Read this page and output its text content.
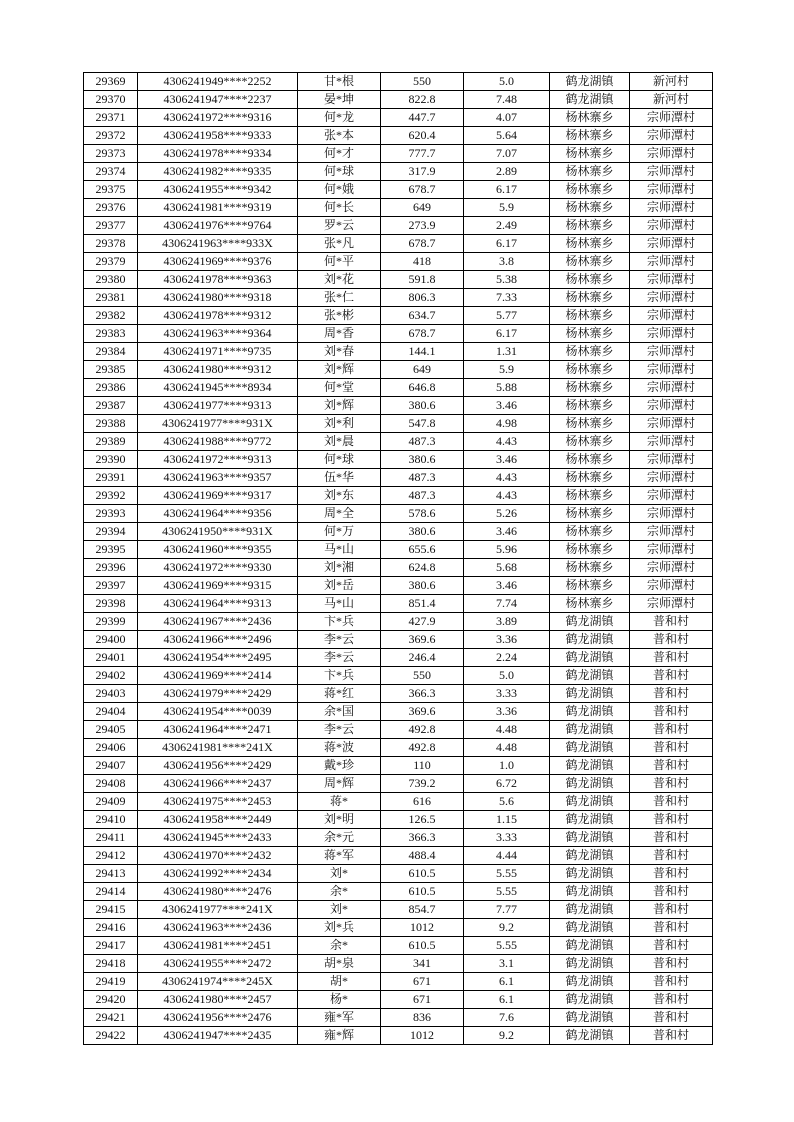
29369	4306241949****2252	甘*根	550	5.0	鹤龙湖镇	新河村
29370	4306241947****2237	晏*坤	822.8	7.48	鹤龙湖镇	新河村
29371	4306241972****9316	何*龙	447.7	4.07	杨林寨乡	宗师潭村
29372	4306241958****9333	张*本	620.4	5.64	杨林寨乡	宗师潭村
29373	4306241978****9334	何*才	777.7	7.07	杨林寨乡	宗师潭村
29374	4306241982****9335	何*球	317.9	2.89	杨林寨乡	宗师潭村
29375	4306241955****9342	何*娥	678.7	6.17	杨林寨乡	宗师潭村
29376	4306241981****9319	何*长	649	5.9	杨林寨乡	宗师潭村
29377	4306241976****9764	罗*云	273.9	2.49	杨林寨乡	宗师潭村
29378	4306241963****933X	张*凡	678.7	6.17	杨林寨乡	宗师潭村
29379	4306241969****9376	何*平	418	3.8	杨林寨乡	宗师潭村
29380	4306241978****9363	刘*花	591.8	5.38	杨林寨乡	宗师潭村
29381	4306241980****9318	张*仁	806.3	7.33	杨林寨乡	宗师潭村
29382	4306241978****9312	张*彬	634.7	5.77	杨林寨乡	宗师潭村
29383	4306241963****9364	周*香	678.7	6.17	杨林寨乡	宗师潭村
29384	4306241971****9735	刘*春	144.1	1.31	杨林寨乡	宗师潭村
29385	4306241980****9312	刘*辉	649	5.9	杨林寨乡	宗师潭村
29386	4306241945****8934	何*堂	646.8	5.88	杨林寨乡	宗师潭村
29387	4306241977****9313	刘*辉	380.6	3.46	杨林寨乡	宗师潭村
29388	4306241977****931X	刘*利	547.8	4.98	杨林寨乡	宗师潭村
29389	4306241988****9772	刘*晨	487.3	4.43	杨林寨乡	宗师潭村
29390	4306241972****9313	何*球	380.6	3.46	杨林寨乡	宗师潭村
29391	4306241963****9357	伍*华	487.3	4.43	杨林寨乡	宗师潭村
29392	4306241969****9317	刘*东	487.3	4.43	杨林寨乡	宗师潭村
29393	4306241964****9356	周*全	578.6	5.26	杨林寨乡	宗师潭村
29394	4306241950****931X	何*万	380.6	3.46	杨林寨乡	宗师潭村
29395	4306241960****9355	马*山	655.6	5.96	杨林寨乡	宗师潭村
29396	4306241972****9330	刘*湘	624.8	5.68	杨林寨乡	宗师潭村
29397	4306241969****9315	刘*岳	380.6	3.46	杨林寨乡	宗师潭村
29398	4306241964****9313	马*山	851.4	7.74	杨林寨乡	宗师潭村
29399	4306241967****2436	卞*兵	427.9	3.89	鹤龙湖镇	普和村
29400	4306241966****2496	李*云	369.6	3.36	鹤龙湖镇	普和村
29401	4306241954****2495	李*云	246.4	2.24	鹤龙湖镇	普和村
29402	4306241969****2414	卞*兵	550	5.0	鹤龙湖镇	普和村
29403	4306241979****2429	蒋*红	366.3	3.33	鹤龙湖镇	普和村
29404	4306241954****0039	余*国	369.6	3.36	鹤龙湖镇	普和村
29405	4306241964****2471	李*云	492.8	4.48	鹤龙湖镇	普和村
29406	4306241981****241X	蒋*波	492.8	4.48	鹤龙湖镇	普和村
29407	4306241956****2429	戴*珍	110	1.0	鹤龙湖镇	普和村
29408	4306241966****2437	周*辉	739.2	6.72	鹤龙湖镇	普和村
29409	4306241975****2453	蒋*	616	5.6	鹤龙湖镇	普和村
29410	4306241958****2449	刘*明	126.5	1.15	鹤龙湖镇	普和村
29411	4306241945****2433	余*元	366.3	3.33	鹤龙湖镇	普和村
29412	4306241970****2432	蒋*军	488.4	4.44	鹤龙湖镇	普和村
29413	4306241992****2434	刘*	610.5	5.55	鹤龙湖镇	普和村
29414	4306241980****2476	余*	610.5	5.55	鹤龙湖镇	普和村
29415	4306241977****241X	刘*	854.7	7.77	鹤龙湖镇	普和村
29416	4306241963****2436	刘*兵	1012	9.2	鹤龙湖镇	普和村
29417	4306241981****2451	余*	610.5	5.55	鹤龙湖镇	普和村
29418	4306241955****2472	胡*泉	341	3.1	鹤龙湖镇	普和村
29419	4306241974****245X	胡*	671	6.1	鹤龙湖镇	普和村
29420	4306241980****2457	杨*	671	6.1	鹤龙湖镇	普和村
29421	4306241956****2476	雍*军	836	7.6	鹤龙湖镇	普和村
29422	4306241947****2435	雍*辉	1012	9.2	鹤龙湖镇	普和村
